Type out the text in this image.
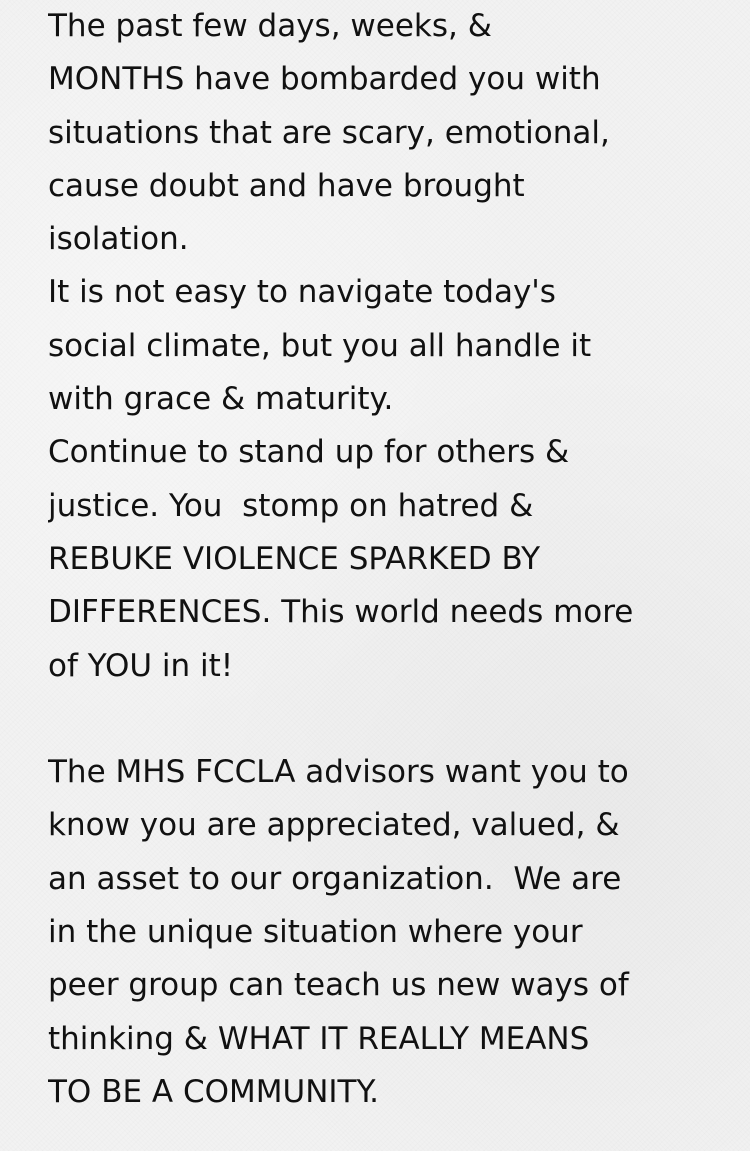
The past few days, weeks, &
MONTHS have bombarded you with
situations that are scary, emotional,
cause doubt and have brought
isolation.
It is not easy to navigate today's
social climate, but you all handle it
with grace & maturity.
Continue to stand up for others &
justice. You  stomp on hatred &
REBUKE VIOLENCE SPARKED BY
DIFFERENCES. This world needs more
of YOU in it!
The MHS FCCLA advisors want you to
know you are appreciated, valued, &
an asset to our organization.  We are
in the unique situation where your
peer group can teach us new ways of
thinking & WHAT IT REALLY MEANS
TO BE A COMMUNITY.
